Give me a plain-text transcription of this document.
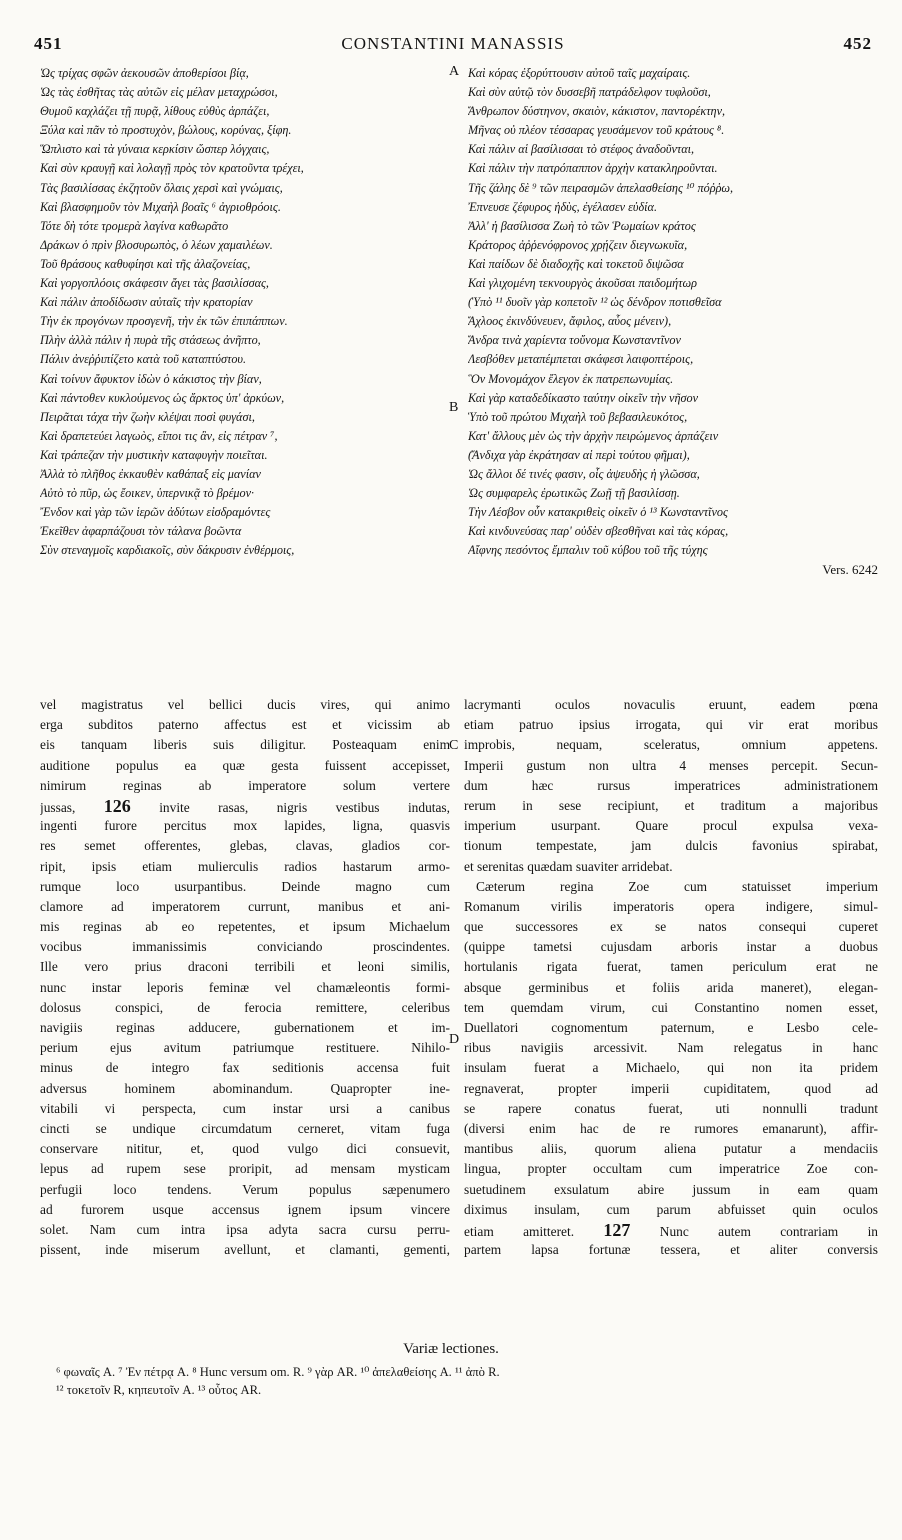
451	CONSTANTINI MANASSIS	452
Ὡς τρίχας σφῶν ἀεκουσῶν ἀποθερίσοι βίᾳ,
Ὡς τὰς ἐσθῆτας τὰς αὐτῶν εἰς μέλαν μεταχρώσοι,
Θυμοῦ καχλάζει τῇ πυρᾷ, λίθους εὐθὺς ἁρπάζει,
Ξύλα καὶ πᾶν τὸ προστυχὸν, βώλους, κορύνας, ξίφη.
Ὥπλιστο καὶ τὰ γύναια κερκίσιν ὥσπερ λόγχαις,
Καὶ σὺν κραυγῇ καὶ λολαγῇ πρὸς τὸν κρατοῦντα τρέχει,
Τὰς βασιλίσσας ἐκζητοῦν ὅλαις χερσὶ καὶ γνώμαις,
Καὶ βλασφημοῦν τὸν Μιχαὴλ βοαῖς ⁶ ἀγριοθρόοις.
Τότε δὴ τότε τρομερὰ λαγίνα καθωρᾶτο
Δράκων ὁ πρὶν βλοσυρωπὸς, ὁ λέων χαμαιλέων.
Τοῦ θράσους καθυφίησι καὶ τῆς ἀλαζονείας,
Καὶ γοργοπλόοις σκάφεσιν ἄγει τὰς βασιλίσσας,
Καὶ πάλιν ἀποδίδωσιν αὐταῖς τὴν κρατορίαν
Τὴν ἐκ προγόνων προσγενῆ, τὴν ἐκ τῶν ἐπιπάππων.
Πλὴν ἀλλὰ πάλιν ἡ πυρὰ τῆς στάσεως ἀνῆπτο,
Πάλιν ἀνεῤῥιπίζετο κατὰ τοῦ καταπτύστου.
Καὶ τοίνυν ἄφυκτον ἰδὼν ὁ κάκιστος τὴν βίαν,
Καὶ πάντοθεν κυκλούμενος ὡς ἄρκτος ὑπ' ἀρκύων,
Πειρᾶται τάχα τὴν ζωὴν κλέψαι ποσὶ φυγάσι,
Καὶ δραπετεύει λαγωὸς, εἴποι τις ἂν, εἰς πέτραν ⁷,
Καὶ τράπεζαν τὴν μυστικὴν καταφυγὴν ποιεῖται.
Ἀλλὰ τὸ πλῆθος ἐκκαυθὲν καθάπαξ εἰς μανίαν
Αὐτὸ τὸ πῦρ, ὡς ἔοικεν, ὑπερνικᾷ τὸ βρέμον·
Ἔνδον καὶ γὰρ τῶν ἱερῶν ἀδύτων εἰσδραμόντες
Ἐκεῖθεν ἀφαρπάζουσι τὸν τάλανα βοῶντα
Σὺν στεναγμοῖς καρδιακοῖς, σὺν δάκρυσιν ἐνθέρμοις,
Καὶ κόρας ἐξορύττουσιν αὐτοῦ ταῖς μαχαίραις.
Καὶ σὺν αὐτῷ τὸν δυσσεβῆ πατράδελφον τυφλοῦσι,
Ἄνθρωπον δύστηνον, σκαιὸν, κάκιστον, παντορέκτην,
Μῆνας οὐ πλέον τέσσαρας γευσάμενον τοῦ κράτους ⁸.
Καὶ πάλιν αἱ βασίλισσαι τὸ στέφος ἀναδοῦνται,
Καὶ πάλιν τὴν πατρόπαππον ἀρχὴν κατακληροῦνται.
Τῆς ζάλης δὲ ⁹ τῶν πειρασμῶν ἀπελασθείσης ¹⁰ πόῤῥω,
Ἐπνευσε ζέφυρος ἡδὺς, ἐγέλασεν εὐδία.
Ἀλλ' ἡ βασίλισσα Ζωὴ τὸ τῶν Ῥωμαίων κράτος
Κράτορος ἀῤῥενόφρονος χρῄζειν διεγνωκυῖα,
Καὶ παίδων δὲ διαδοχῆς καὶ τοκετοῦ διψῶσα
Καὶ γλιχομένη τεκνουργὸς ἀκοῦσαι παιδομήτωρ
(Ὑπὸ ¹¹ δυοῖν γὰρ κοπετοῖν ¹² ὡς δένδρον ποτισθεῖσα
Ἄχλοος ἐκινδύνευεν, ἄφιλος, αὖος μένειν),
Ἄνδρα τινὰ χαρίεντα τοὔνομα Κωνσταντῖνον
Λεσβόθεν μεταπέμπεται σκάφεσι λαιφοπτέροις,
Ὃν Μονομάχον ἔλεγον ἐκ πατρεπωνυμίας.
Καὶ γὰρ καταδεδίκαστο ταύτην οἰκεῖν τὴν νῆσον
Ὑπὸ τοῦ πρώτου Μιχαὴλ τοῦ βεβασιλευκότος,
Κατ' ἄλλους μὲν ὡς τὴν ἀρχὴν πειρώμενος ἁρπάζειν
(Ἄνδιχα γὰρ ἐκράτησαν αἱ περὶ τούτου φῆμαι),
Ὡς ἄλλοι δέ τινές φασιν, οἷς ἀψευδὴς ἡ γλῶσσα,
Ὡς συμφαρελς ἐρωτικῶς Ζωῇ τῇ βασιλίσσῃ.
Τὴν Λέσβον οὖν κατακριθεὶς οἰκεῖν ὁ ¹³ Κωνσταντῖνος
Καὶ κινδυνεύσας παρ' οὐδὲν σβεσθῆναι καὶ τὰς κόρας,
Αἴφνης πεσόντος ἔμπαλιν τοῦ κύβου τοῦ τῆς τύχης
Vers. 6242
A
B
C
D
vel magistratus vel bellici ducis vires, qui animo
erga subditos paterno affectus est et vicissim ab
eis tanquam liberis suis diligitur. Posteaquam enim
auditione populus ea quæ gesta fuissent accepisset,
nimirum reginas ab imperatore solum vertere
jussas, 126 invite rasas, nigris vestibus indutas,
ingenti furore percitus mox lapides, ligna, quasvis
res semet offerentes, glebas, clavas, gladios cor-
ripit, ipsis etiam mulierculis radios hastarum armo-
rumque loco usurpantibus. Deinde magno cum
clamore ad imperatorem currunt, manibus et ani-
mis reginas ab eo repetentes, et ipsum Michaelum
vocibus immanissimis conviciando proscindentes.
Ille vero prius draconi terribili et leoni similis,
nunc instar leporis feminæ vel chamæleontis formi-
dolosus conspici, de ferocia remittere, celeribus
navigiis reginas adducere, gubernationem et im-
perium ejus avitum patriumque restituere. Nihilo-
minus de integro fax seditionis accensa fuit
adversus hominem abominandum. Quapropter ine-
vitabili vi perspecta, cum instar ursi a canibus
cincti se undique circumdatum cerneret, vitam fuga
conservare nititur, et, quod vulgo dici consuevit,
lepus ad rupem sese proripit, ad mensam mysticam
perfugii loco tendens. Verum populus sæpenumero
ad furorem usque accensus ignem ipsum vincere
solet. Nam cum intra ipsa adyta sacra cursu perru-
pissent, inde miserum avellunt, et clamanti, gementi,
lacrymanti oculos novaculis eruunt, eadem pœna
etiam patruo ipsius irrogata, qui vir erat moribus
improbis, nequam, sceleratus, omnium appetens.
Imperii gustum non ultra 4 menses percepit. Secun-
dum hæc rursus imperatrices administrationem
rerum in sese recipiunt, et traditum a majoribus
imperium usurpant. Quare procul expulsa vexa-
tionum tempestate, jam dulcis favonius spirabat,
et serenitas quædam suaviter arridebat.
Cæterum regina Zoe cum statuisset imperium
Romanum virilis imperatoris opera indigere, simul-
que successores ex se natos consequi cuperet
(quippe tametsi cujusdam arboris instar a duobus
hortulanis rigata fuerat, tamen periculum erat ne
absque germinibus et foliis arida maneret), elegan-
tem quemdam virum, cui Constantino nomen esset,
Duellatori cognomentum paternum, e Lesbo cele-
ribus navigiis arcessivit. Nam relegatus in hanc
insulam fuerat a Michaelo, qui non ita pridem
regnaverat, propter imperii cupiditatem, quod ad
se rapere conatus fuerat, uti nonnulli tradunt
(diversi enim hac de re rumores emanarunt), affir-
mantibus aliis, quorum aliena putatur a mendaciis
lingua, propter occultam cum imperatrice Zoe con-
suetudinem exsulatum abire jussum in eam quam
diximus insulam, cum parum abfuisset quin oculos
etiam amitteret. 127 Nunc autem contrariam in
partem lapsa fortunæ tessera, et aliter conversis
Variæ lectiones.
⁶ φωναῖς A. ⁷ Ἐν πέτρᾳ A. ⁸ Hunc versum om. R. ⁹ γὰρ AR. ¹⁰ ἀπελαθείσης A. ¹¹ ἀπὸ R.
¹² τοκετοῖν R, κηπευτοῖν A. ¹³ οὗτος AR.
